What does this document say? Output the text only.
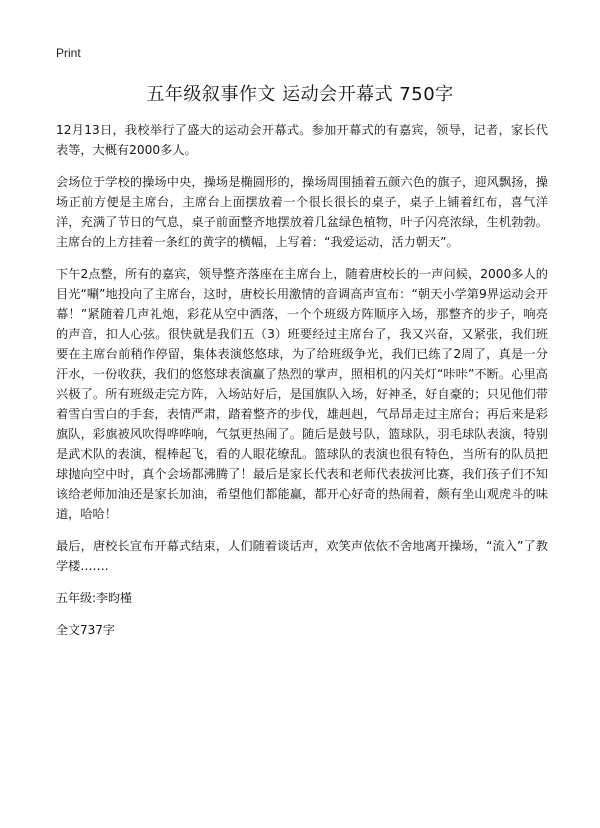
Print
五年级叙事作文 运动会开幕式 750字

12月13日，我校举行了盛大的运动会开幕式。参加开幕式的有嘉宾，领导，记者，家长代表等，大概有2000多人。

会场位于学校的操场中央，操场是椭圆形的，操场周围插着五颜六色的旗子，迎风飘扬，操场正前方便是主席台，主席台上面摆放着一个很长很长的桌子，桌子上铺着红布，喜气洋洋，充满了节日的气息，桌子前面整齐地摆放着几盆绿色植物，叶子闪亮浓绿，生机勃勃。主席台的上方挂着一条红的黄字的横幅，上写着：“我爱运动，活力朝天”。

下午2点整，所有的嘉宾，领导整齐落座在主席台上，随着唐校长的一声问候，2000多人的目光“唰”地投向了主席台，这时，唐校长用激情的音调高声宣布：“朝天小学第9界运动会开幕！”紧随着几声礼炮，彩花从空中洒落，一个个班级方阵顺序入场，那整齐的步子，响亮的声音，扣人心弦。很快就是我们五（3）班要经过主席台了，我又兴奋，又紧张，我们班要在主席台前稍作停留，集体表演悠悠球，为了给班级争光，我们已练了2周了，真是一分汗水，一份收获，我们的悠悠球表演赢了热烈的掌声，照相机的闪关灯“咔咔”不断。心里高兴极了。所有班级走完方阵，入场站好后，是国旗队入场，好神圣，好自豪的；只见他们带着雪白雪白的手套，表情严肃，踏着整齐的步伐，雄赳赳，气昂昂走过主席台；再后来是彩旗队，彩旗被风吹得哗哗响，气氛更热闹了。随后是鼓号队，篮球队，羽毛球队表演，特别是武术队的表演，棍棒起飞，看的人眼花缭乱。篮球队的表演也很有特色，当所有的队员把球抛向空中时，真个会场都沸腾了！最后是家长代表和老师代表拔河比赛，我们孩子们不知该给老师加油还是家长加油，希望他们都能赢，都开心好奇的热闹着，颇有坐山观虎斗的味道，哈哈！

最后，唐校长宣布开幕式结束，人们随着谈话声，欢笑声依依不舍地离开操场，“流入”了教学楼…….

五年级:李昀槿
全文737字
